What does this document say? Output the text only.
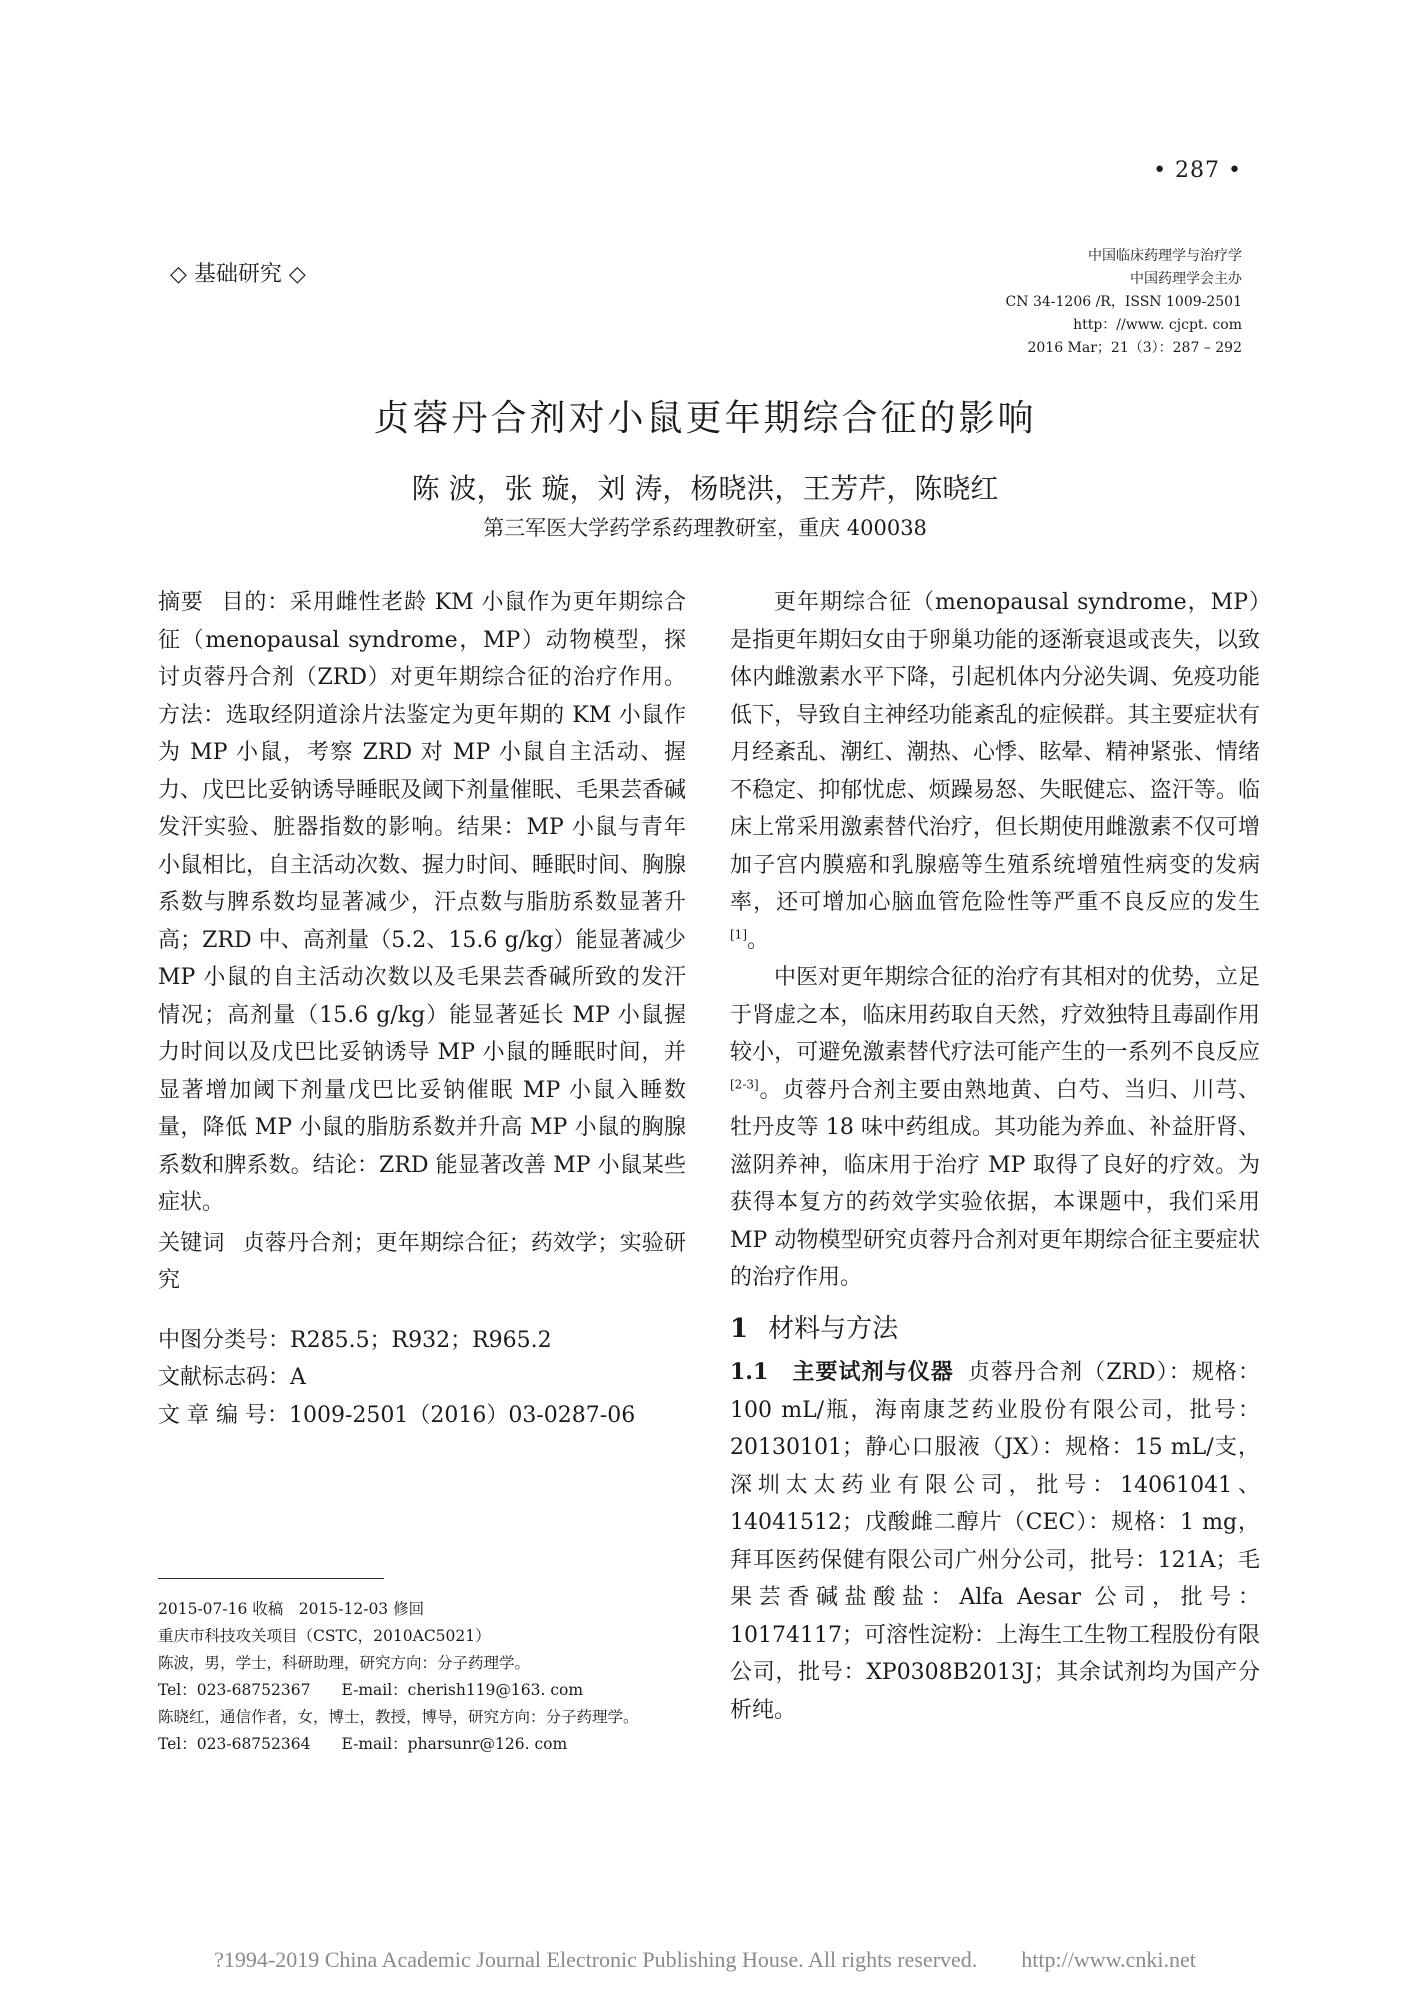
• 287 •
◇ 基础研究 ◇
中国临床药理学与治疗学
中国药理学会主办
CN 34-1206 /R，ISSN 1009-2501
http：//www. cjcpt. com
2016 Mar；21（3）：287 – 292
贞蓉丹合剂对小鼠更年期综合征的影响
陈 波，张 璇，刘 涛，杨晓洪，王芳芹，陈晓红
第三军医大学药学系药理教研室，重庆 400038

摘要 目的：采用雌性老龄 KM 小鼠作为更年期综合征（menopausal syndrome，MP）动物模型，探讨贞蓉丹合剂（ZRD）对更年期综合征的治疗作用。方法：选取经阴道涂片法鉴定为更年期的 KM 小鼠作为 MP 小鼠，考察 ZRD 对 MP 小鼠自主活动、握力、戊巴比妥钠诱导睡眠及阈下剂量催眠、毛果芸香碱发汗实验、脏器指数的影响。结果：MP 小鼠与青年小鼠相比，自主活动次数、握力时间、睡眠时间、胸腺系数与脾系数均显著减少，汗点数与脂肪系数显著升高；ZRD 中、高剂量（5.2、15.6 g/kg）能显著减少 MP 小鼠的自主活动次数以及毛果芸香碱所致的发汗情况；高剂量（15.6 g/kg）能显著延长 MP 小鼠握力时间以及戊巴比妥钠诱导 MP 小鼠的睡眠时间，并显著增加阈下剂量戊巴比妥钠催眠 MP 小鼠入睡数量，降低 MP 小鼠的脂肪系数并升高 MP 小鼠的胸腺系数和脾系数。结论：ZRD 能显著改善 MP 小鼠某些症状。

关键词 贞蓉丹合剂；更年期综合征；药效学；实验研究

中图分类号：R285.5；R932；R965.2

文献标志码：A

文 章 编 号：1009-2501（2016）03-0287-06

2015-07-16 收稿　2015-12-03 修回

重庆市科技攻关项目（CSTC，2010AC5021）

陈波，男，学士，科研助理，研究方向：分子药理学。

Tel：023-68752367　　E-mail：cherish119@163. com

陈晓红，通信作者，女，博士，教授，博导，研究方向：分子药理学。

Tel：023-68752364　　E-mail：pharsunr@126. com

更年期综合征（menopausal syndrome，MP）是指更年期妇女由于卵巢功能的逐渐衰退或丧失，以致体内雌激素水平下降，引起机体内分泌失调、免疫功能低下，导致自主神经功能紊乱的症候群。其主要症状有月经紊乱、潮红、潮热、心悸、眩晕、精神紧张、情绪不稳定、抑郁忧虑、烦躁易怒、失眠健忘、盗汗等。临床上常采用激素替代治疗，但长期使用雌激素不仅可增加子宫内膜癌和乳腺癌等生殖系统增殖性病变的发病率，还可增加心脑血管危险性等严重不良反应的发生[1]。

中医对更年期综合征的治疗有其相对的优势，立足于肾虚之本，临床用药取自天然，疗效独特且毒副作用较小，可避免激素替代疗法可能产生的一系列不良反应[2-3]。贞蓉丹合剂主要由熟地黄、白芍、当归、川芎、牡丹皮等 18 味中药组成。其功能为养血、补益肝肾、滋阴养神，临床用于治疗 MP 取得了良好的疗效。为获得本复方的药效学实验依据，本课题中，我们采用 MP 动物模型研究贞蓉丹合剂对更年期综合征主要症状的治疗作用。

1 材料与方法

1.1　主要试剂与仪器 贞蓉丹合剂（ZRD）：规格：100 mL/瓶，海南康芝药业股份有限公司，批号：20130101；静心口服液（JX）：规格：15 mL/支，深圳太太药业有限公司，批号：14061041、14041512；戊酸雌二醇片（CEC）：规格：1 mg，拜耳医药保健有限公司广州分公司，批号：121A；毛果芸香碱盐酸盐：Alfa Aesar 公司，批号：10174117；可溶性淀粉：上海生工生物工程股份有限公司，批号：XP0308B2013J；其余试剂均为国产分析纯。

?1994-2019 China Academic Journal Electronic Publishing House. All rights reserved.　　http://www.cnki.net
